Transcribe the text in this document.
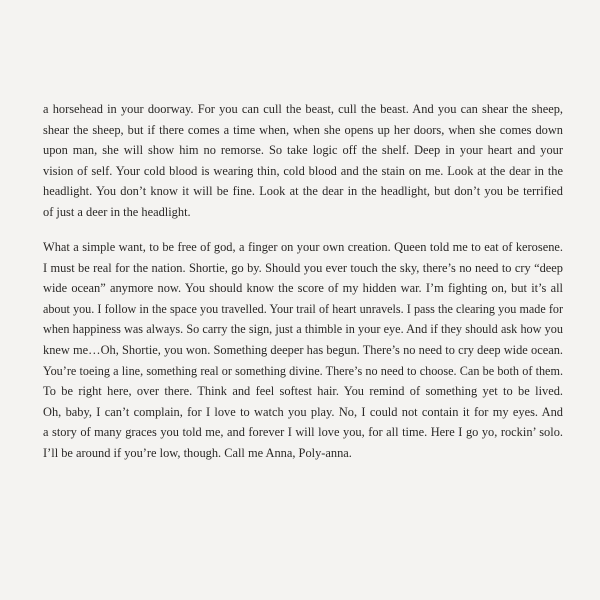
a horsehead in your doorway. For you can cull the beast, cull the beast. And you can shear the sheep,
shear the sheep, but if there comes a time when, when she opens up her doors, when she comes down
upon man, she will show him no remorse. So take logic off the shelf. Deep in your heart and your
vision of self. Your cold blood is wearing thin, cold blood and the stain on me. Look at the dear in the
headlight. You don’t know it will be fine. Look at the dear in the headlight, but don’t you be terrified
of just a deer in the headlight.
What a simple want, to be free of god, a finger on your own creation. Queen told me to eat of kerosene.
I must be real for the nation. Shortie, go by. Should you ever touch the sky, there’s no need to cry “deep
wide ocean” anymore now. You should know the score of my hidden war. I’m fighting on, but it’s all
about you. I follow in the space you travelled. Your trail of heart unravels. I pass the clearing you made for
when happiness was always. So carry the sign, just a thimble in your eye. And if they should ask how you
knew me…Oh, Shortie, you won. Something deeper has begun. There’s no need to cry deep wide ocean.
You’re toeing a line, something real or something divine. There’s no need to choose. Can be both of them.
To be right here, over there. Think and feel softest hair. You remind of something yet to be lived.
Oh, baby, I can’t complain, for I love to watch you play. No, I could not contain it for my eyes. And
a story of many graces you told me, and forever I will love you, for all time. Here I go yo, rockin’ solo.
I’ll be around if you’re low, though. Call me Anna, Poly-anna.
